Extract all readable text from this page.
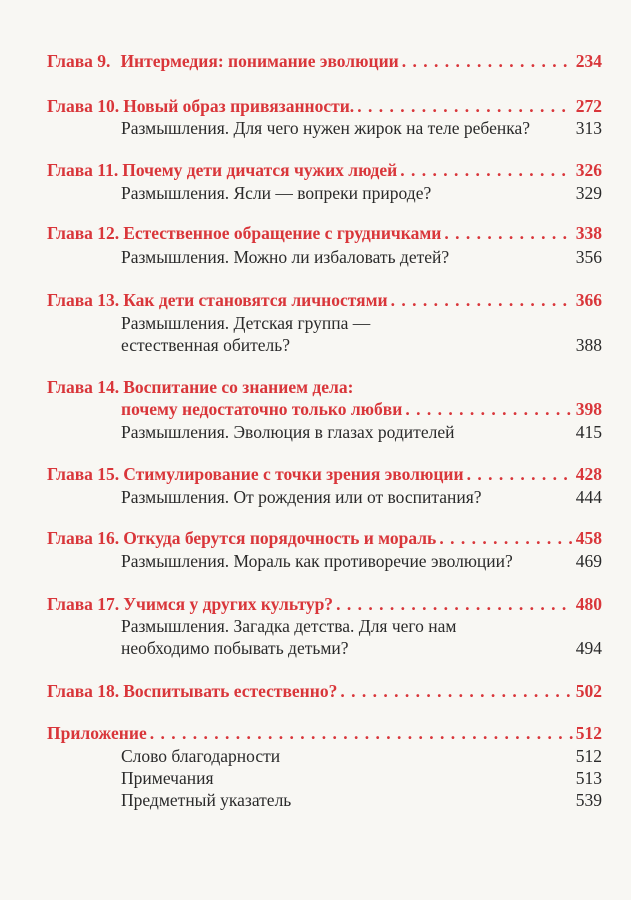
Глава 9. Интермедия: понимание эволюции . . .	234
Глава 10. Новый образ привязанности. . . .	272
Размышления. Для чего нужен жирок на теле ребенка?	313
Глава 11. Почему дети дичатся чужих людей . . .	326
Размышления. Ясли — вопреки природе?	329
Глава 12. Естественное обращение с грудничками . . .	338
Размышления. Можно ли избаловать детей?	356
Глава 13. Как дети становятся личностями . . .	366
Размышления. Детская группа —
естественная обитель?	388
Глава 14. Воспитание со знанием дела:
почему недостаточно только любви . . .	398
Размышления. Эволюция в глазах родителей	415
Глава 15. Стимулирование с точки зрения эволюции . . .	428
Размышления. От рождения или от воспитания?	444
Глава 16. Откуда берутся порядочность и мораль . . .	458
Размышления. Мораль как противоречие эволюции?	469
Глава 17. Учимся у других культур? . . .	480
Размышления. Загадка детства. Для чего нам
необходимо побывать детьми?	494
Глава 18. Воспитывать естественно? . . .	502
Приложение . . .	512
Слово благодарности	512
Примечания	513
Предметный указатель	539
